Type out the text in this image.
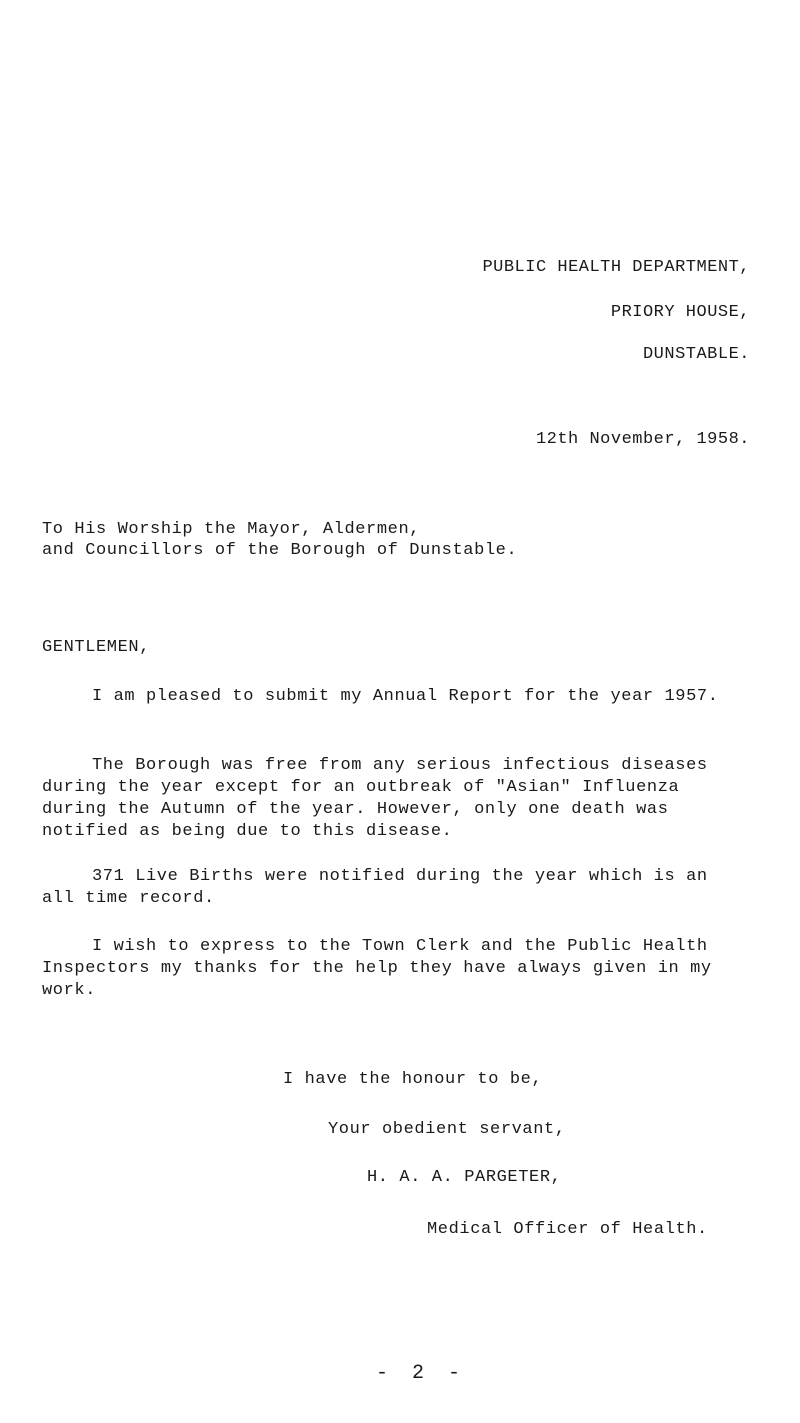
PUBLIC HEALTH DEPARTMENT,
PRIORY HOUSE,
DUNSTABLE.
12th November, 1958.
To His Worship the Mayor, Aldermen,
and Councillors of the Borough of Dunstable.
GENTLEMEN,
I am pleased to submit my Annual Report for the year 1957.
The Borough was free from any serious infectious diseases during the year except for an outbreak of "Asian" Influenza during the Autumn of the year. However, only one death was notified as being due to this disease.
371 Live Births were notified during the year which is an all time record.
I wish to express to the Town Clerk and the Public Health Inspectors my thanks for the help they have always given in my work.
I have the honour to be,
Your obedient servant,
H. A. A. PARGETER,
Medical Officer of Health.
- 2 -
